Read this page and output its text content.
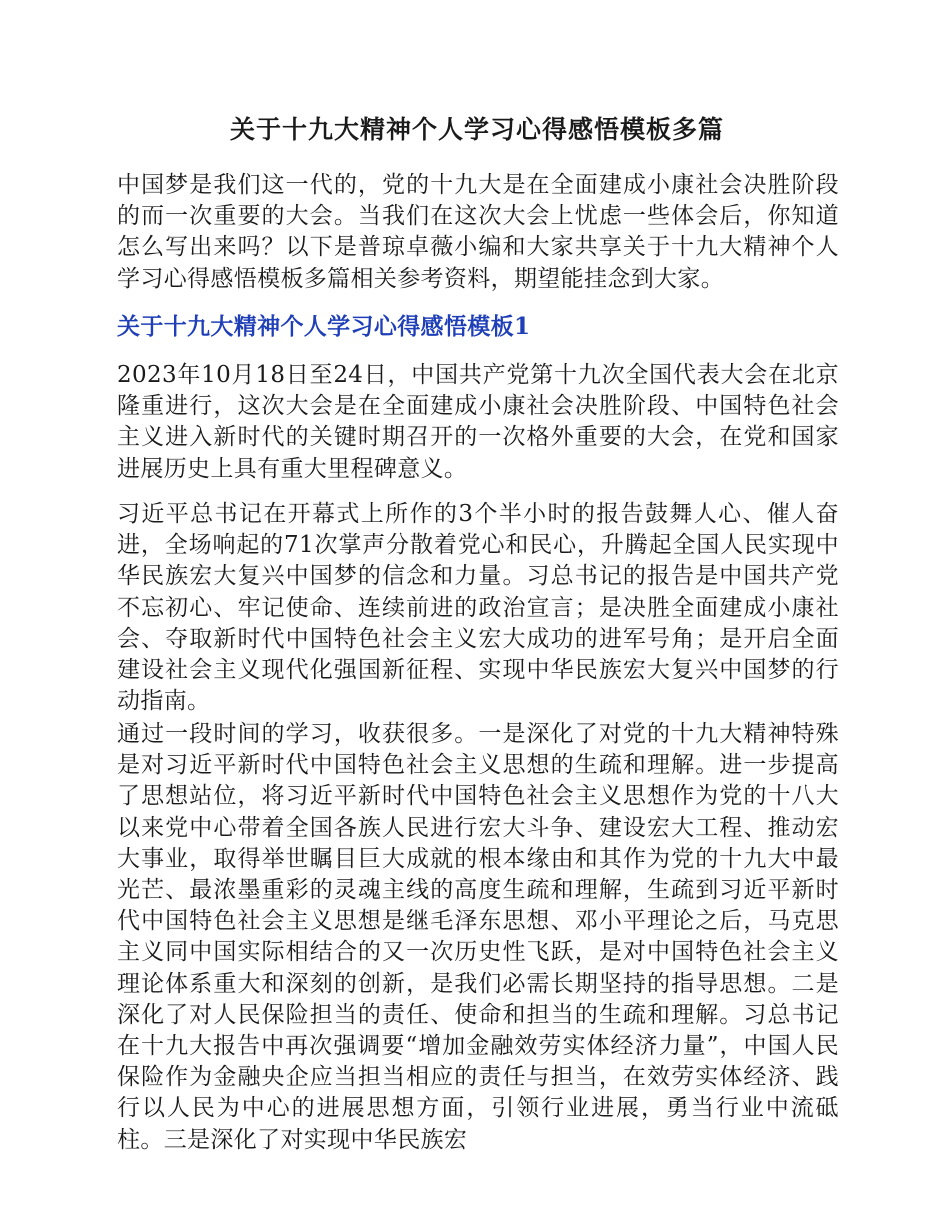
关于十九大精神个人学习心得感悟模板多篇

中国梦是我们这一代的，党的十九大是在全面建成小康社会决胜阶段的而一次重要的大会。当我们在这次大会上忧虑一些体会后，你知道怎么写出来吗？以下是普琼卓薇小编和大家共享关于十九大精神个人学习心得感悟模板多篇相关参考资料，期望能挂念到大家。

关于十九大精神个人学习心得感悟模板1

2023年10月18日至24日，中国共产党第十九次全国代表大会在北京隆重进行，这次大会是在全面建成小康社会决胜阶段、中国特色社会主义进入新时代的关键时期召开的一次格外重要的大会，在党和国家进展历史上具有重大里程碑意义。

习近平总书记在开幕式上所作的3个半小时的报告鼓舞人心、催人奋进，全场响起的71次掌声分散着党心和民心，升腾起全国人民实现中华民族宏大复兴中国梦的信念和力量。习总书记的报告是中国共产党不忘初心、牢记使命、连续前进的政治宣言；是决胜全面建成小康社会、夺取新时代中国特色社会主义宏大成功的进军号角；是开启全面建设社会主义现代化强国新征程、实现中华民族宏大复兴中国梦的行动指南。

通过一段时间的学习，收获很多。一是深化了对党的十九大精神特殊是对习近平新时代中国特色社会主义思想的生疏和理解。进一步提高了思想站位，将习近平新时代中国特色社会主义思想作为党的十八大以来党中心带着全国各族人民进行宏大斗争、建设宏大工程、推动宏大事业，取得举世瞩目巨大成就的根本缘由和其作为党的十九大中最光芒、最浓墨重彩的灵魂主线的高度生疏和理解，生疏到习近平新时代中国特色社会主义思想是继毛泽东思想、邓小平理论之后，马克思主义同中国实际相结合的又一次历史性飞跃，是对中国特色社会主义理论体系重大和深刻的创新，是我们必需长期坚持的指导思想。二是深化了对人民保险担当的责任、使命和担当的生疏和理解。习总书记在十九大报告中再次强调要“增加金融效劳实体经济力量”，中国人民保险作为金融央企应当担当相应的责任与担当，在效劳实体经济、践行以人民为中心的进展思想方面，引领行业进展，勇当行业中流砥柱。三是深化了对实现中华民族宏
